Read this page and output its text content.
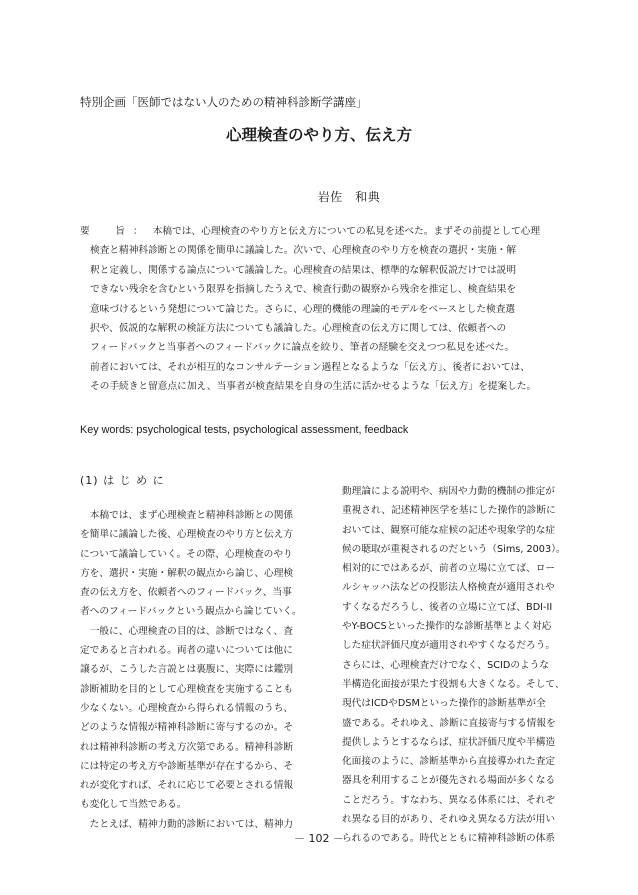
特別企画「医師ではない人のための精神科診断学講座」
心理検査のやり方、伝え方
岩佐　和典
要　旨： 本稿では、心理検査のやり方と伝え方についての私見を述べた。まずその前提として心理
検査と精神科診断との関係を簡単に議論した。次いで、心理検査のやり方を検査の選択・実施・解
釈と定義し、関係する論点について議論した。心理検査の結果は、標準的な解釈仮説だけでは説明
できない残余を含むという限界を指摘したうえで、検査行動の観察から残余を推定し、検査結果を
意味づけるという発想について論じた。さらに、心理的機能の理論的モデルをベースとした検査選
択や、仮説的な解釈の検証方法についても議論した。心理検査の伝え方に関しては、依頼者への
フィードバックと当事者へのフィードバックに論点を絞り、筆者の経験を交えつつ私見を述べた。
前者においては、それが相互的なコンサルテーション過程となるような「伝え方」、後者においては、
その手続きと留意点に加え、当事者が検査結果を自身の生活に活かせるような「伝え方」を提案した。
Key words: psychological tests, psychological assessment, feedback
(1) は じ め に
本稿では、まず心理検査と精神科診断との関係
を簡単に議論した後、心理検査のやり方と伝え方
について議論していく。その際、心理検査のやり
方を、選択・実施・解釈の観点から論じ、心理検
査の伝え方を、依頼者へのフィードバック、当事
者へのフィードバックという観点から論じていく。
一般に、心理検査の目的は、診断ではなく、査
定であると言われる。両者の違いについては他に
譲るが、こうした言説とは裏腹に、実際には鑑別
診断補助を目的として心理検査を実施することも
少なくない。心理検査から得られる情報のうち、
どのような情報が精神科診断に寄与するのか。そ
れは精神科診断の考え方次第である。精神科診断
には特定の考え方や診断基準が存在するから、そ
れが変化すれば、それに応じて必要とされる情報
も変化して当然である。
たとえば、精神力動的診断においては、精神力
動理論による説明や、病因や力動的機制の推定が
重視され、記述精神医学を基にした操作的診断に
おいては、観察可能な症候の記述や現象学的な症
候の聴取が重視されるのだという（Sims, 2003）。
相対的にではあるが、前者の立場に立てば、ロー
ルシャッハ法などの投影法人格検査が適用されや
すくなるだろうし、後者の立場に立てば、BDI-II
やY-BOCSといった操作的な診断基準とよく対応
した症状評価尺度が適用されやすくなるだろう。
さらには、心理検査だけでなく、SCIDのような
半構造化面接が果たす役割も大きくなる。そして、
現代はICDやDSMといった操作的診断基準が全
盛である。それゆえ、診断に直接寄与する情報を
提供しようとするならば、症状評価尺度や半構造
化面接のように、診断基準から直接導かれた査定
器具を利用することが優先される場面が多くなる
ことだろう。すなわち、異なる体系には、それぞ
れ異なる目的があり、それゆえ異なる方法が用い
られるのである。時代とともに精神科診断の体系
－ 102 －
